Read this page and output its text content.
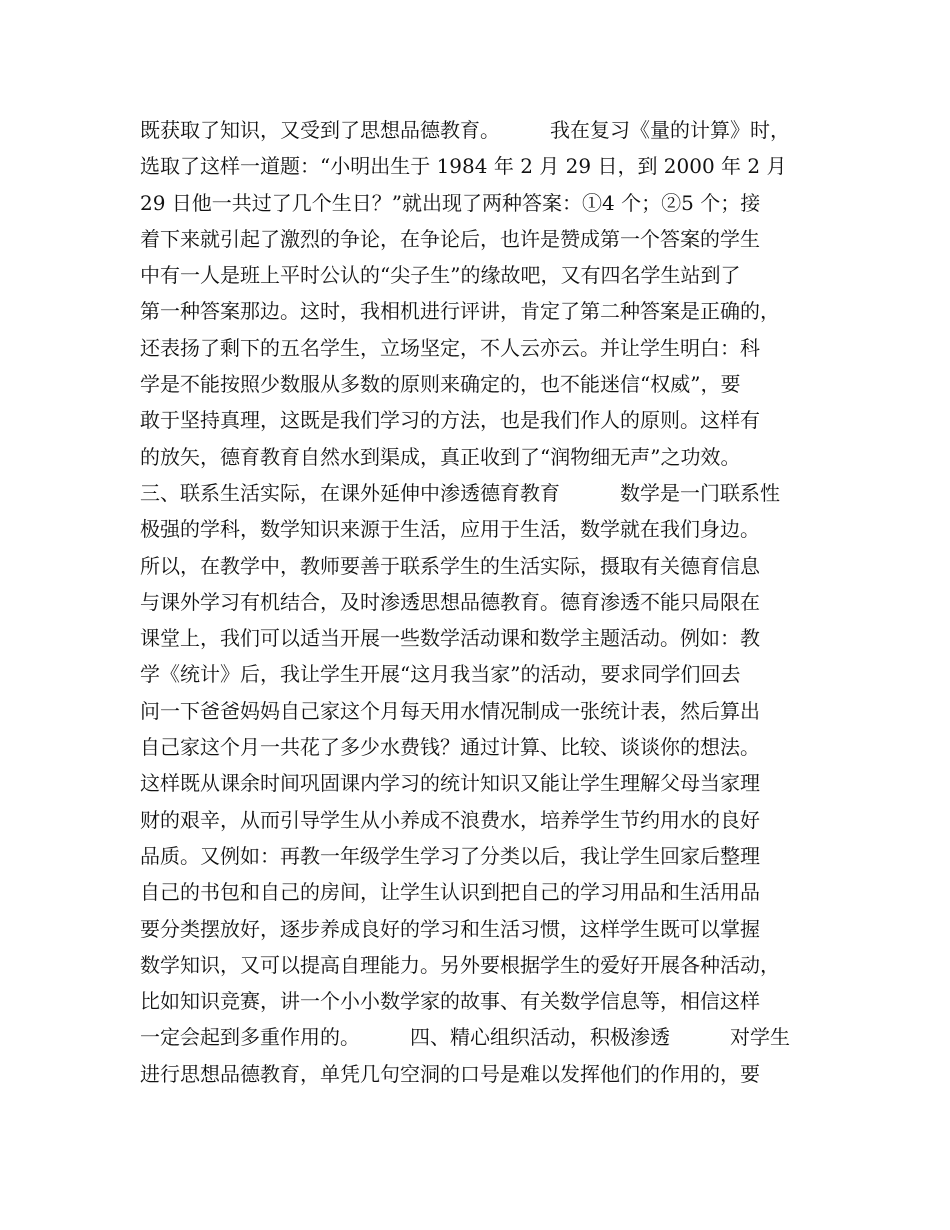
既获取了知识，又受到了思想品德教育。　　　我在复习《量的计算》时，
选取了这样一道题：“小明出生于 1984 年 2 月 29 日，到 2000 年 2 月
29 日他一共过了几个生日？”就出现了两种答案：①4 个；②5 个；接
着下来就引起了激烈的争论，在争论后，也许是赞成第一个答案的学生
中有一人是班上平时公认的“尖子生”的缘故吧，又有四名学生站到了
第一种答案那边。这时，我相机进行评讲，肯定了第二种答案是正确的，
还表扬了剩下的五名学生，立场坚定，不人云亦云。并让学生明白：科
学是不能按照少数服从多数的原则来确定的，也不能迷信“权威”，要
敢于坚持真理，这既是我们学习的方法，也是我们作人的原则。这样有
的放矢，德育教育自然水到渠成，真正收到了“润物细无声”之功效。
三、联系生活实际，在课外延伸中渗透德育教育　　　数学是一门联系性
极强的学科，数学知识来源于生活，应用于生活，数学就在我们身边。
所以，在教学中，教师要善于联系学生的生活实际，摄取有关德育信息
与课外学习有机结合，及时渗透思想品德教育。德育渗透不能只局限在
课堂上，我们可以适当开展一些数学活动课和数学主题活动。例如：教
学《统计》后，我让学生开展“这月我当家”的活动，要求同学们回去
问一下爸爸妈妈自己家这个月每天用水情况制成一张统计表，然后算出
自己家这个月一共花了多少水费钱？通过计算、比较、谈谈你的想法。
这样既从课余时间巩固课内学习的统计知识又能让学生理解父母当家理
财的艰辛，从而引导学生从小养成不浪费水，培养学生节约用水的良好
品质。又例如：再教一年级学生学习了分类以后，我让学生回家后整理
自己的书包和自己的房间，让学生认识到把自己的学习用品和生活用品
要分类摆放好，逐步养成良好的学习和生活习惯，这样学生既可以掌握
数学知识，又可以提高自理能力。另外要根据学生的爱好开展各种活动，
比如知识竞赛，讲一个小小数学家的故事、有关数学信息等，相信这样
一定会起到多重作用的。　　　四、精心组织活动，积极渗透　　　对学生
进行思想品德教育，单凭几句空洞的口号是难以发挥他们的作用的，要
